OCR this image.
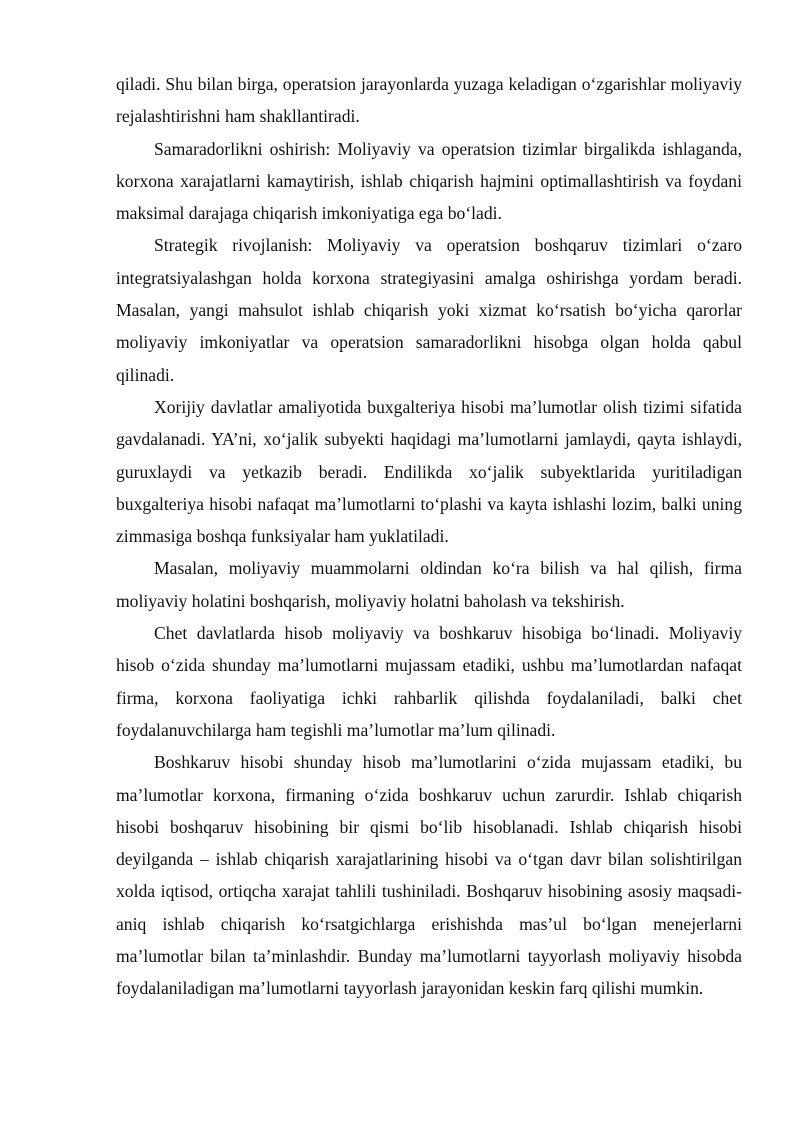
qiladi. Shu bilan birga, operatsion jarayonlarda yuzaga keladigan o‘zgarishlar moliyaviy rejalashtirishni ham shakllantiradi.

Samaradorlikni oshirish: Moliyaviy va operatsion tizimlar birgalikda ishlaganda, korxona xarajatlarni kamaytirish, ishlab chiqarish hajmini optimallashtirish va foydani maksimal darajaga chiqarish imkoniyatiga ega bo‘ladi.

Strategik rivojlanish: Moliyaviy va operatsion boshqaruv tizimlari o‘zaro integratsiyalashgan holda korxona strategiyasini amalga oshirishga yordam beradi. Masalan, yangi mahsulot ishlab chiqarish yoki xizmat ko‘rsatish bo‘yicha qarorlar moliyaviy imkoniyatlar va operatsion samaradorlikni hisobga olgan holda qabul qilinadi.

Xorijiy davlatlar amaliyotida buxgalteriya hisobi ma’lumotlar olish tizimi sifatida gavdalanadi. YA’ni, xo‘jalik subyekti haqidagi ma’lumotlarni jamlaydi, qayta ishlaydi, guruxlaydi va yetkazib beradi. Endilikda xo‘jalik subyektlarida yuritiladigan buxgalteriya hisobi nafaqat ma’lumotlarni to‘plashi va kayta ishlashi lozim, balki uning zimmasiga boshqa funksiyalar ham yuklatiladi.

Masalan, moliyaviy muammolarni oldindan ko‘ra bilish va hal qilish, firma moliyaviy holatini boshqarish, moliyaviy holatni baholash va tekshirish.

Chet davlatlarda hisob moliyaviy va boshkaruv hisobiga bo‘linadi. Moliyaviy hisob o‘zida shunday ma’lumotlarni mujassam etadiki, ushbu ma’lumotlardan nafaqat firma, korxona faoliyatiga ichki rahbarlik qilishda foydalaniladi, balki chet foydalanuvchilarga ham tegishli ma’lumotlar ma’lum qilinadi.

Boshkaruv hisobi shunday hisob ma’lumotlarini o‘zida mujassam etadiki, bu ma’lumotlar korxona, firmaning o‘zida boshkaruv uchun zarurdir. Ishlab chiqarish hisobi boshqaruv hisobining bir qismi bo‘lib hisoblanadi. Ishlab chiqarish hisobi deyilganda – ishlab chiqarish xarajatlarining hisobi va o‘tgan davr bilan solishtirilgan xolda iqtisod, ortiqcha xarajat tahlili tushiniladi. Boshqaruv hisobining asosiy maqsadi- aniq ishlab chiqarish ko‘rsatgichlarga erishishda mas’ul bo‘lgan menejerlarni ma’lumotlar bilan ta’minlashdir. Bunday ma’lumotlarni tayyorlash moliyaviy hisobda foydalaniladigan ma’lumotlarni tayyorlash jarayonidan keskin farq qilishi mumkin.
